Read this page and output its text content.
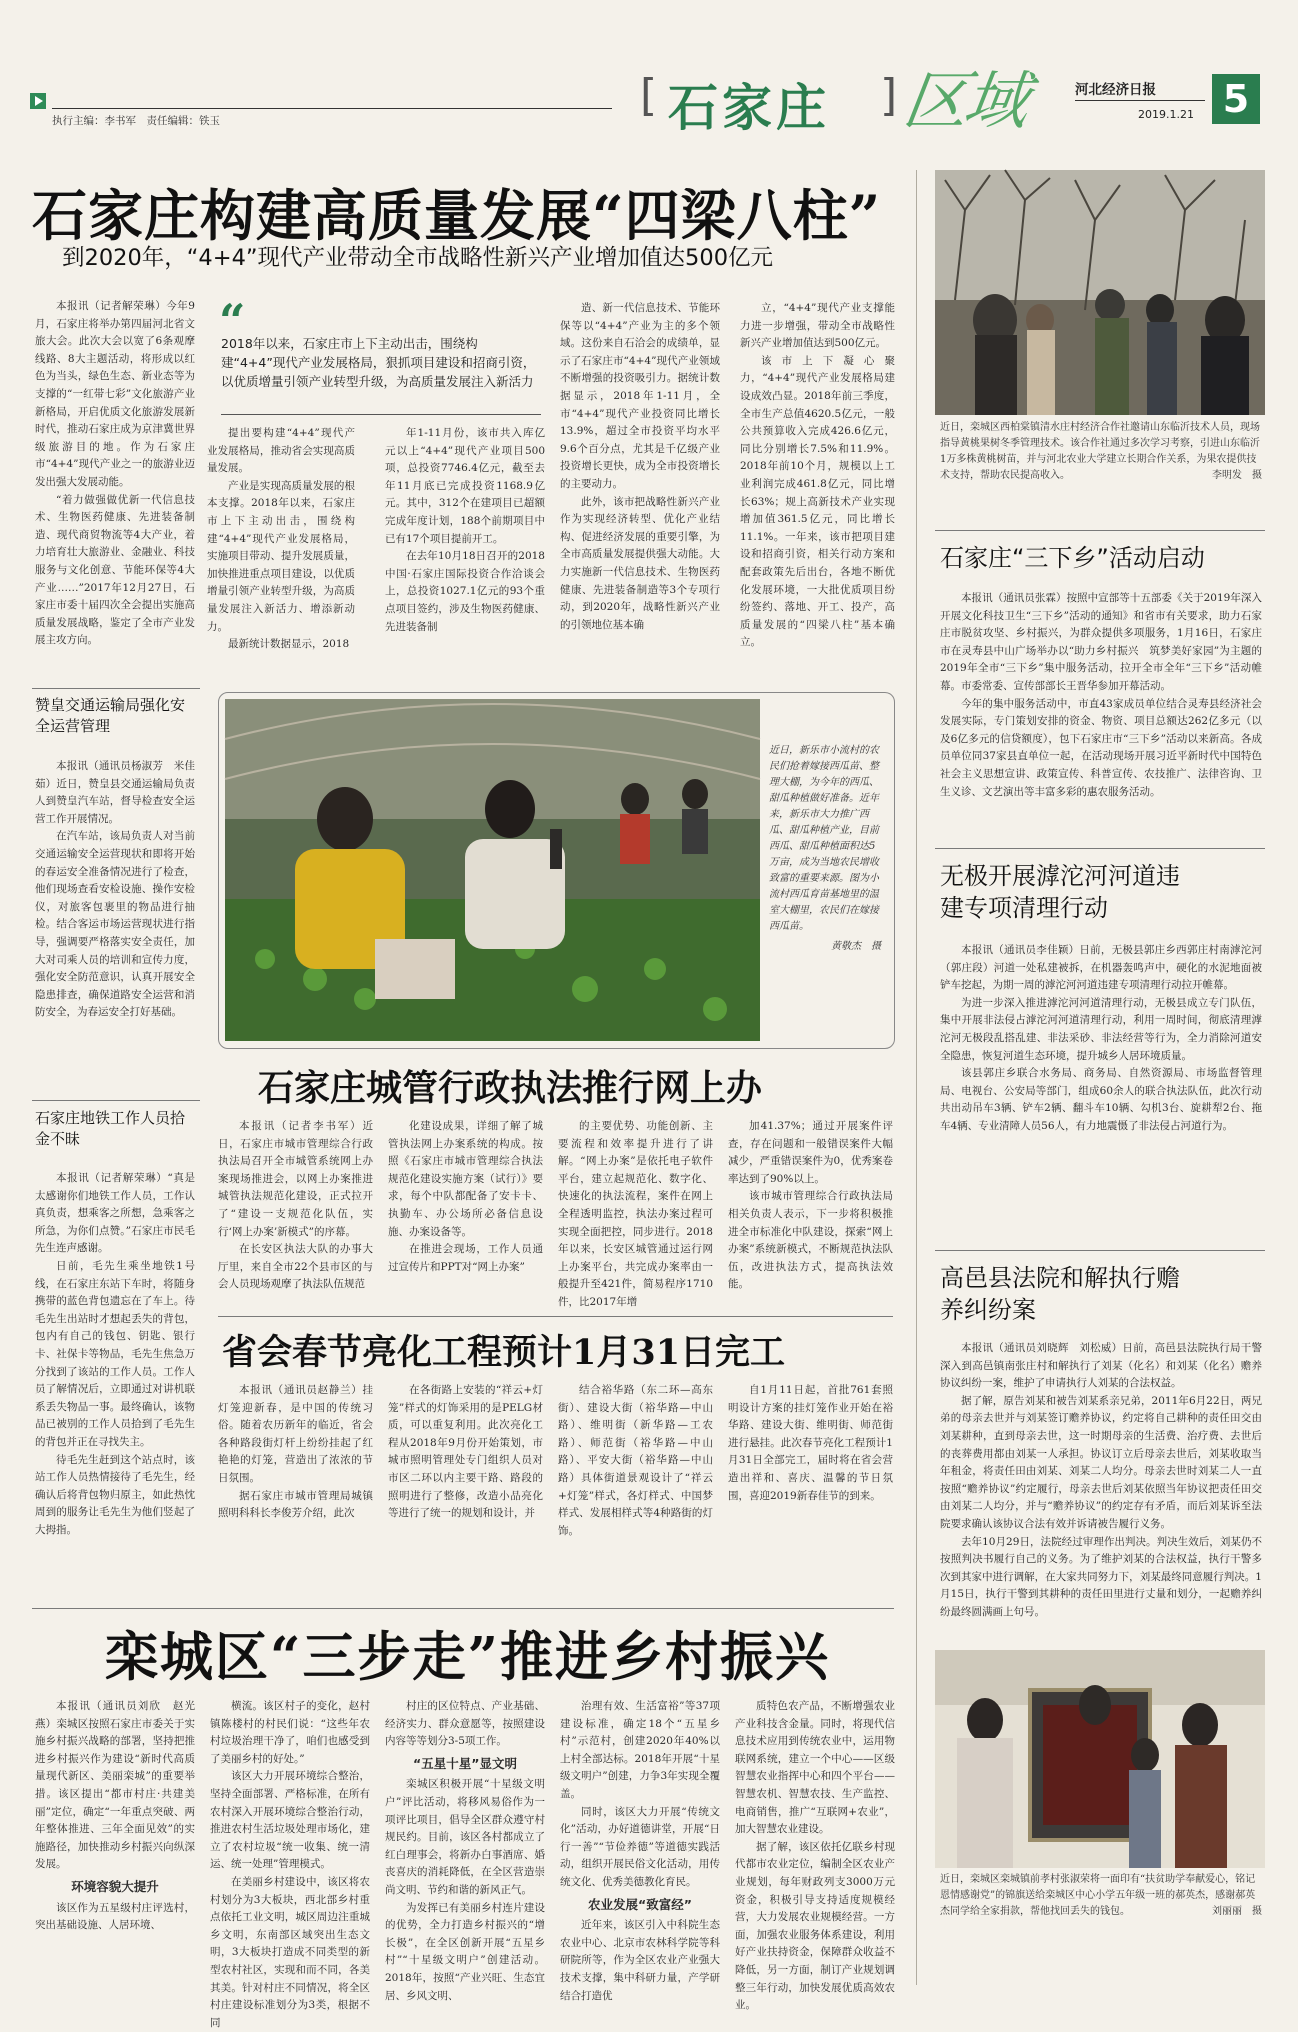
执行主编：李书军　责任编辑：铁玉	[ 石家庄 ] 区域	河北经济日报
2019.1.21 5
石家庄构建高质量发展“四梁八柱”
到2020年，“4+4”现代产业带动全市战略性新兴产业增加值达500亿元

本报讯（记者解荣琳）今年9月，石家庄将举办第四届河北省文旅大会。此次大会以宽了6条观摩线路、8大主题活动，将形成以红色为当头，绿色生态、新业态等为支撑的“一红带七彩”文化旅游产业新格局，开启优质文化旅游发展新时代，推动石家庄成为京津冀世界级旅游目的地。作为石家庄市“4+4”现代产业之一的旅游业迈发出强大发展动能。

“着力做强做优新一代信息技术、生物医药健康、先进装备制造、现代商贸物流等4大产业，着力培育壮大旅游业、金融业、科技服务与文化创意、节能环保等4大产业……”2017年12月27日，石家庄市委十届四次全会提出实施高质量发展战略，鉴定了全市产业发展主攻方向。

“
2018年以来，石家庄市上下主动出击，围绕构建“4+4”现代产业发展格局，狠抓项目建设和招商引资，以优质增量引领产业转型升级，为高质量发展注入新活力

提出要构建“4+4”现代产业发展格局，推动省会实现高质量发展。

产业是实现高质量发展的根本支撑。2018年以来，石家庄市上下主动出击，围绕构建“4+4”现代产业发展格局，实施项目带动、提升发展质量，加快推进重点项目建设，以优质增量引领产业转型升级，为高质量发展注入新活力、增添新动力。

最新统计数据显示，2018

年1-11月份，该市共入库亿元以上“4+4”现代产业项目500项，总投资7746.4亿元，截至去年11月底已完成投资1168.9亿元。其中，312个在建项目已超额完成年度计划，188个前期项目中已有17个项目提前开工。

在去年10月18日召开的2018中国·石家庄国际投资合作洽谈会上，总投资1027.1亿元的93个重点项目签约，涉及生物医药健康、先进装备制

造、新一代信息技术、节能环保等以“4+4”产业为主的多个领域。这份来自石洽会的成绩单，显示了石家庄市“4+4”现代产业领域不断增强的投资吸引力。据统计数据显示，2018年1-11月，全市“4+4”现代产业投资同比增长13.9%，超过全市投资平均水平9.6个百分点，尤其是千亿级产业投资增长更快，成为全市投资增长的主要动力。

此外，该市把战略性新兴产业作为实现经济转型、优化产业结构、促进经济发展的重要引擎，为全市高质量发展提供强大动能。大力实施新一代信息技术、生物医药健康、先进装备制造等3个专项行动，到2020年，战略性新兴产业的引领地位基本确

立，“4+4”现代产业支撑能力进一步增强，带动全市战略性新兴产业增加值达到500亿元。

该市上下凝心聚力，“4+4”现代产业发展格局建设成效凸显。2018年前三季度，全市生产总值4620.5亿元，一般公共预算收入完成426.6亿元，同比分别增长7.5%和11.9%。2018年前10个月，规模以上工业利润完成461.8亿元，同比增长63%；规上高新技术产业实现增加值361.5亿元，同比增长11.1%。一年来，该市把项目建设和招商引资，相关行动方案和配套政策先后出台，各地不断优化发展环境，一大批优质项目纷纷签约、落地、开工、投产，高质量发展的“四梁八柱”基本确立。

近日，栾城区西柏棠镇清水庄村经济合作社邀请山东临沂技术人员，现场指导黄桃果树冬季管理技术。该合作社通过多次学习考察，引进山东临沂1万多株黄桃树苗，并与河北农业大学建立长期合作关系，为果农提供技术支持，帮助农民提高收入。	李明发　摄
石家庄“三下乡”活动启动

本报讯（通讯员张霖）按照中宣部等十五部委《关于2019年深入开展文化科技卫生“三下乡”活动的通知》和省市有关要求，助力石家庄市脱贫攻坚、乡村振兴，为群众提供多项服务，1月16日，石家庄市在灵寿县中山广场举办以“助力乡村振兴　筑梦美好家园”为主题的2019年全市“三下乡”集中服务活动，拉开全市全年“三下乡”活动帷幕。市委常委、宣传部部长王晋华参加开幕活动。

今年的集中服务活动中，市直43家成员单位结合灵寿县经济社会发展实际，专门策划安排的资金、物资、项目总额达262亿多元（以及6亿多元的信贷额度），包下石家庄市“三下乡”活动以来新高。各成员单位同37家县直单位一起，在活动现场开展习近平新时代中国特色社会主义思想宣讲、政策宣传、科普宣传、农技推广、法律咨询、卫生义诊、文艺演出等丰富多彩的惠农服务活动。

无极开展滹沱河河道违建专项清理行动

本报讯（通讯员李佳颖）日前，无极县郭庄乡西郭庄村南滹沱河（郭庄段）河道一处私建被拆，在机器轰鸣声中，硬化的水泥地面被铲车挖起，为期一周的滹沱河河道违建专项清理行动拉开帷幕。

为进一步深入推进滹沱河河道清理行动，无极县成立专门队伍，集中开展非法侵占滹沱河河道清理行动，利用一周时间，彻底清理滹沱河无极段乱搭乱建、非法采砂、非法经营等行为，全力消除河道安全隐患，恢复河道生态环境，提升城乡人居环境质量。

该县郭庄乡联合水务局、商务局、自然资源局、市场监督管理局、电视台、公安局等部门，组成60余人的联合执法队伍，此次行动共出动吊车3辆、铲车2辆、翻斗车10辆、勾机3台、旋耕犁2台、拖车4辆、专业清障人员56人，有力地震慑了非法侵占河道行为。

高邑县法院和解执行赡养纠纷案

本报讯（通讯员刘晓辉　刘松威）日前，高邑县法院执行局干警深入到高邑镇南张庄村和解执行了刘某（化名）和刘某（化名）赡养协议纠纷一案，维护了申请执行人刘某的合法权益。

据了解，原告刘某和被告刘某系亲兄弟，2011年6月22日，两兄弟的母亲去世并与刘某签订赡养协议，约定将自己耕种的责任田交由刘某耕种，直到母亲去世，这一时期母亲的生活费、治疗费、去世后的丧葬费用都由刘某一人承担。协议订立后母亲去世后，刘某收取当年租金，将责任田由刘某、刘某二人均分。母亲去世时刘某二人一直按照“赡养协议”约定履行，母亲去世后刘某依照当年协议把责任田交由刘某二人均分，并与“赡养协议”的约定存有矛盾，而后刘某诉至法院要求确认该协议合法有效并诉请被告履行义务。

去年10月29日，法院经过审理作出判决。判决生效后，刘某仍不按照判决书履行自己的义务。为了维护刘某的合法权益，执行干警多次到其家中进行调解，在大家共同努力下，刘某最终同意履行判决。1月15日，执行干警到其耕种的责任田里进行丈量和划分，一起赡养纠纷最终圆满画上句号。

近日，栾城区栾城镇前孝村张淑荣将一面印有“扶贫助学奉献爱心，铭记恩情感谢党”的锦旗送给栾城区中心小学五年级一班的郝英杰，感谢郝英杰同学给全家捐款，帮他找回丢失的钱包。	刘丽丽　摄
赞皇交通运输局强化安全运营管理

本报讯（通讯员杨淑芳　米佳茹）近日，赞皇县交通运输局负责人到赞皇汽车站，督导检查安全运营工作开展情况。

在汽车站，该局负责人对当前交通运输安全运营现状和即将开始的春运安全准备情况进行了检查，他们现场查看安检设施、操作安检仪，对旅客包裹里的物品进行抽检。结合客运市场运营现状进行指导，强调要严格落实安全责任，加大对司乘人员的培训和宣传力度，强化安全防范意识，认真开展安全隐患排查，确保道路安全运营和消防安全，为春运安全打好基础。

石家庄地铁工作人员拾金不昧

本报讯（记者解荣琳）“真是太感谢你们地铁工作人员，工作认真负责，想乘客之所想，急乘客之所急，为你们点赞。”石家庄市民毛先生连声感谢。

日前，毛先生乘坐地铁1号线，在石家庄东站下车时，将随身携带的蓝色背包遗忘在了车上。待毛先生出站时才想起丢失的背包，包内有自己的钱包、钥匙、银行卡、社保卡等物品，毛先生焦急万分找到了该站的工作人员。工作人员了解情况后，立即通过对讲机联系丢失物品一事。最终确认，该物品已被别的工作人员拾到了毛先生的背包并正在寻找失主。

待毛先生赶到这个站点时，该站工作人员热情接待了毛先生，经确认后将背包物归原主，如此热忱周到的服务让毛先生为他们竖起了大拇指。

近日，新乐市小流村的农民们抢着嫁接西瓜苗、整理大棚，为今年的西瓜、甜瓜种植做好准备。近年来，新乐市大力推广西瓜、甜瓜种植产业，目前西瓜、甜瓜种植面积达5万亩，成为当地农民增收致富的重要来源。图为小流村西瓜育苗基地里的温室大棚里，农民们在嫁接西瓜苗。
黄敬杰　摄
石家庄城管行政执法推行网上办

本报讯（记者李书军）近日，石家庄市城市管理综合行政执法局召开全市城管系统网上办案现场推进会，以网上办案推进城管执法规范化建设，正式拉开了“建设一支规范化队伍，实行‘网上办案’新模式”的序幕。

在长安区执法大队的办事大厅里，来自全市22个县市区的与会人员现场观摩了执法队伍规范

化建设成果，详细了解了城管执法网上办案系统的构成。按照《石家庄市城市管理综合执法规范化建设实施方案（试行）》要求，每个中队都配备了安卡卡、执勤车、办公场所必备信息设施、办案设备等。

在推进会现场，工作人员通过宣传片和PPT对“网上办案”

的主要优势、功能创新、主要流程和效率提升进行了讲解。“网上办案”是依托电子软件平台，建立起规范化、数字化、快速化的执法流程，案件在网上全程透明监控，执法办案过程可实现全面把控，同步进行。2018年以来，长安区城管通过运行网上办案平台，共完成办案率由一般提升至421件，简易程序1710件，比2017年增

加41.37%；通过开展案件评查，存在问题和一般错误案件大幅减少，严重错误案件为0，优秀案卷率达到了90%以上。

该市城市管理综合行政执法局相关负责人表示，下一步将积极推进全市标准化中队建设，探索“网上办案”系统新模式，不断规范执法队伍，改进执法方式，提高执法效能。

省会春节亮化工程预计1月31日完工

本报讯（通讯员赵静兰）挂灯笼迎新春，是中国的传统习俗。随着农历新年的临近，省会各种路段街灯杆上纷纷挂起了红艳艳的灯笼，营造出了浓浓的节日氛围。

据石家庄市城市管理局城镇照明科科长李俊芳介绍，此次

在各街路上安装的“祥云+灯笼”样式的灯饰采用的是PELG材质，可以重复利用。此次亮化工程从2018年9月份开始策划，市城市照明管理处专门组织人员对市区二环以内主要干路、路段的照明进行了整修，改造小品亮化等进行了统一的规划和设计，并

结合裕华路（东二环—高东街）、建设大街（裕华路—中山路）、维明街（新华路—工农路）、师范街（裕华路—中山路）、平安大街（裕华路—中山路）具体街道景观设计了“祥云+灯笼”样式，各灯样式、中国梦样式、发展相样式等4种路街的灯饰。

自1月11日起，首批761套照明设计方案的挂灯笼作业开始在裕华路、建设大街、维明街、师范街进行悬挂。此次春节亮化工程预计1月31日全部完工，届时将在省会营造出祥和、喜庆、温馨的节日氛围，喜迎2019新春佳节的到来。

栾城区“三步走”推进乡村振兴

本报讯（通讯员刘欣　赵光燕）栾城区按照石家庄市委关于实施乡村振兴战略的部署，坚持把推进乡村振兴作为建设“新时代高质量现代新区、美丽栾城”的重要举措。该区提出“都市村庄·共建美丽”定位，确定“一年重点突破、两年整体推进、三年全面见效”的实施路径，加快推动乡村振兴向纵深发展。

环境容貌大提升

该区作为五星级村庄评选村，突出基础设施、人居环境、

横流。该区村子的变化，赵村镇陈楼村的村民们说：“这些年农村垃圾治理干净了，咱们也感受到了美丽乡村的好处。”

该区大力开展环境综合整治，坚持全面部署、严格标准，在所有农村深入开展环境综合整治行动，推进农村生活垃圾处理市场化，建立了农村垃圾“统一收集、统一清运、统一处理”管理模式。

在美丽乡村建设中，该区将农村划分为3大板块，西北部乡村重点依托工业文明，城区周边注重城乡文明，东南部区域突出生态文明，3大板块打造成不同类型的新型农村社区，实现和而不同，各美其美。针对村庄不同情况，将全区村庄建设标准划分为3类，根据不同

村庄的区位特点、产业基础、经济实力、群众意愿等，按照建设内容等等划分3-5项工作。

“五星十星”显文明

栾城区积极开展“十星级文明户”评比活动，将移风易俗作为一项评比项目，倡导全区群众遵守村规民约。目前，该区各村都成立了红白理事会，将新办白事酒席、婚丧喜庆的消耗降低，在全区营造崇尚文明、节约和谐的新风正气。

为发挥已有美丽乡村连片建设的优势，全力打造乡村振兴的“增长极”，在全区创新开展“五星乡村”“十星级文明户”创建活动。2018年，按照“产业兴旺、生态宜居、乡风文明、

治理有效、生活富裕”等37项建设标准，确定18个“五星乡村”示范村，创建2020年40%以上村全部达标。2018年开展“十星级文明户”创建，力争3年实现全覆盖。

同时，该区大力开展“传统文化”活动，办好道德讲堂，开展“日行一善”“节俭养德”等道德实践活动，组织开展民俗文化活动，用传统文化、优秀美德教化育民。

农业发展“致富经”

近年来，该区引入中科院生态农业中心、北京市农林科学院等科研院所等，作为全区农业产业强大技术支撑，集中科研力量，产学研结合打造优

质特色农产品，不断增强农业产业科技含金量。同时，将现代信息技术应用到传统农业中，运用物联网系统，建立一个中心——区级智慧农业指挥中心和四个平台——智慧农机、智慧农技、生产监控、电商销售，推广“互联网+农业”，加大智慧农业建设。

据了解，该区依托亿联乡村现代都市农业定位，编制全区农业产业规划，每年财政列支3000万元资金，积极引导支持适度规模经营，大力发展农业规模经营。一方面，加强农业服务体系建设，利用好产业扶持资金，保障群众收益不降低，另一方面，制订产业规划调整三年行动，加快发展优质高效农业。
